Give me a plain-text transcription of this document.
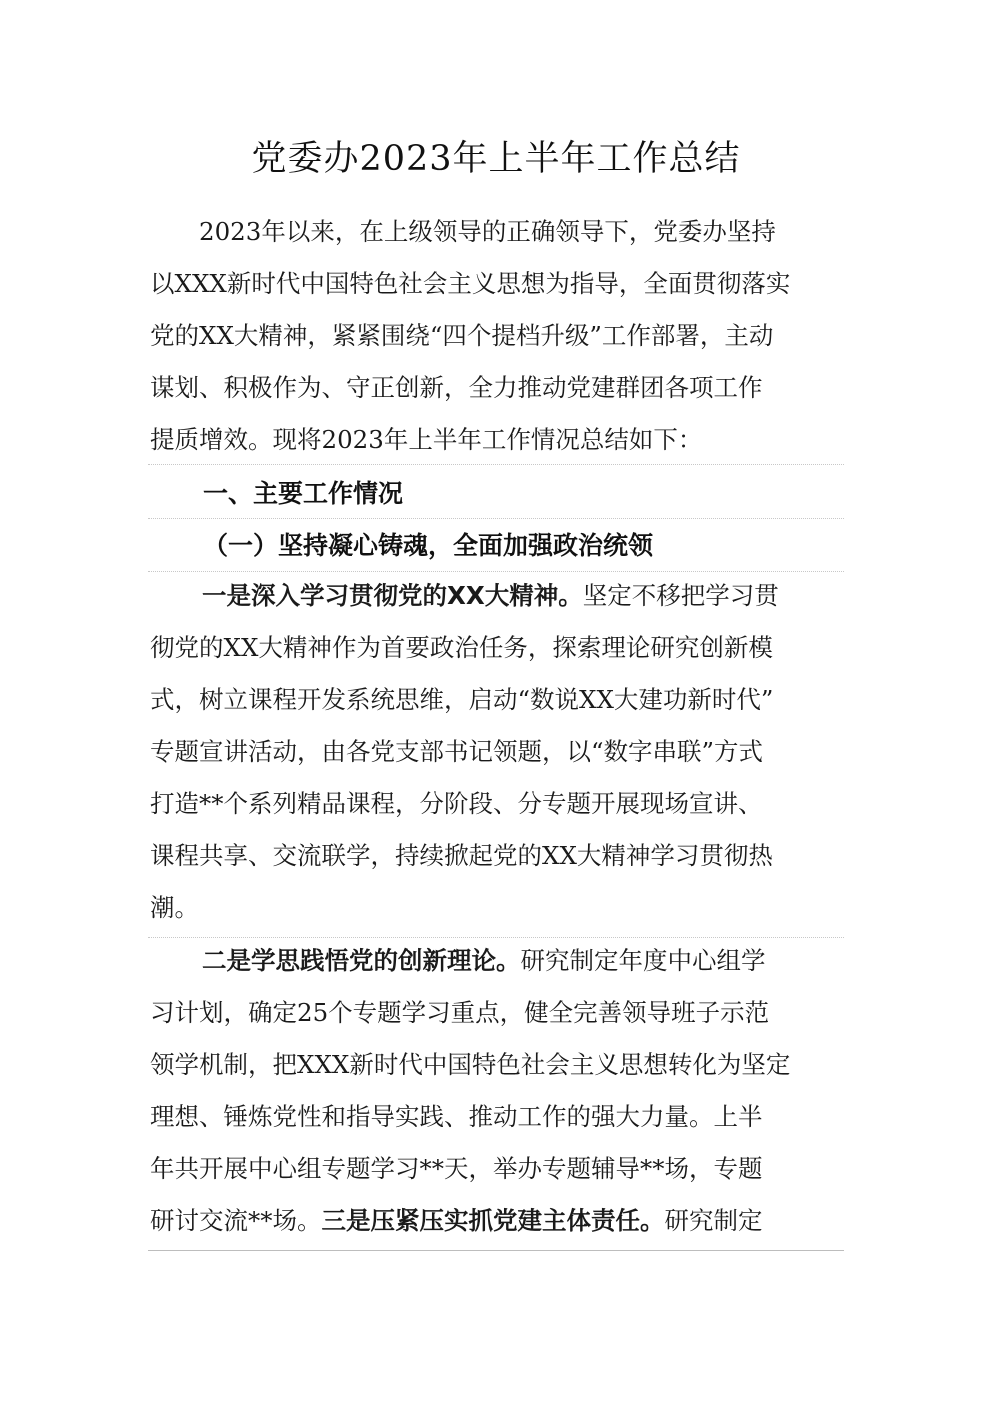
党委办2023年上半年工作总结
　　2023年以来，在上级领导的正确领导下，党委办坚持
以XXX新时代中国特色社会主义思想为指导，全面贯彻落实
党的XX大精神，紧紧围绕“四个提档升级”工作部署，主动
谋划、积极作为、守正创新，全力推动党建群团各项工作
提质增效。现将2023年上半年工作情况总结如下：
一、主要工作情况
（一）坚持凝心铸魂，全面加强政治统领
一是深入学习贯彻党的XX大精神。坚定不移把学习贯
彻党的XX大精神作为首要政治任务，探索理论研究创新模
式，树立课程开发系统思维，启动“数说XX大建功新时代”
专题宣讲活动，由各党支部书记领题，以“数字串联”方式
打造**个系列精品课程，分阶段、分专题开展现场宣讲、
课程共享、交流联学，持续掀起党的XX大精神学习贯彻热
潮。
二是学思践悟党的创新理论。研究制定年度中心组学
习计划，确定25个专题学习重点，健全完善领导班子示范
领学机制，把XXX新时代中国特色社会主义思想转化为坚定
理想、锤炼党性和指导实践、推动工作的强大力量。上半
年共开展中心组专题学习**天，举办专题辅导**场，专题
研讨交流**场。三是压紧压实抓党建主体责任。研究制定
